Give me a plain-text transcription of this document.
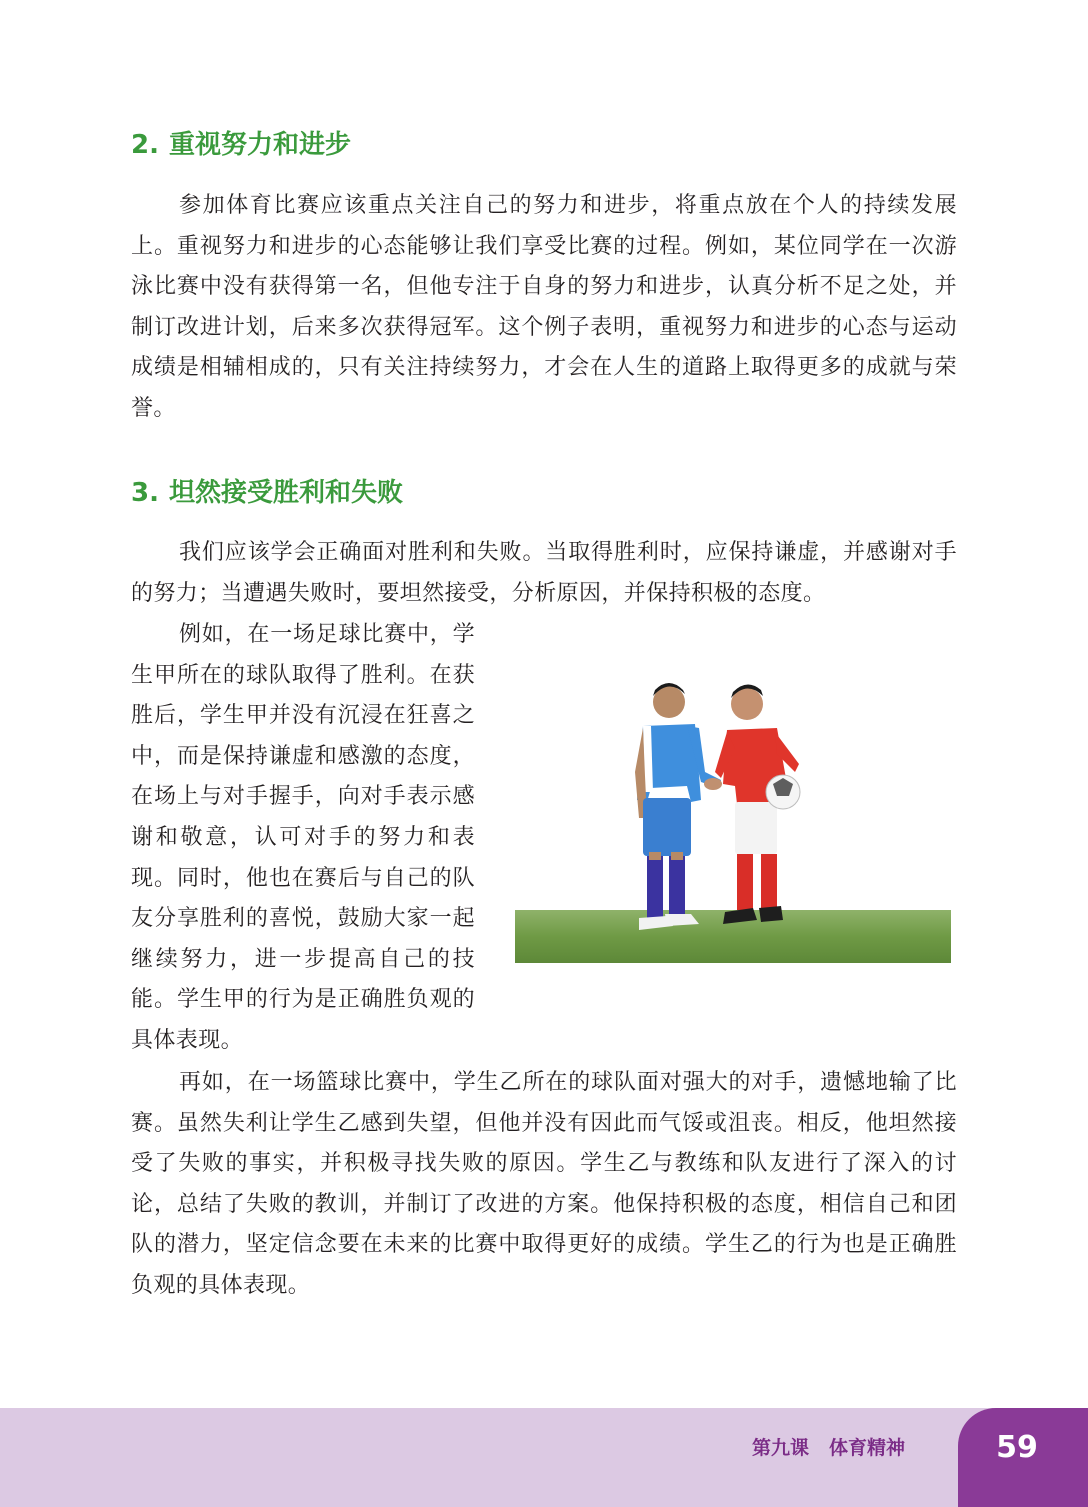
2. 重视努力和进步

参加体育比赛应该重点关注自己的努力和进步，将重点放在个人的持续发展上。重视努力和进步的心态能够让我们享受比赛的过程。例如，某位同学在一次游泳比赛中没有获得第一名，但他专注于自身的努力和进步，认真分析不足之处，并制订改进计划，后来多次获得冠军。这个例子表明，重视努力和进步的心态与运动成绩是相辅相成的，只有关注持续努力，才会在人生的道路上取得更多的成就与荣誉。

3. 坦然接受胜利和失败

我们应该学会正确面对胜利和失败。当取得胜利时，应保持谦虚，并感谢对手的努力；当遭遇失败时，要坦然接受，分析原因，并保持积极的态度。

例如，在一场足球比赛中，学生甲所在的球队取得了胜利。在获胜后，学生甲并没有沉浸在狂喜之中，而是保持谦虚和感激的态度，在场上与对手握手，向对手表示感谢和敬意，认可对手的努力和表现。同时，他也在赛后与自己的队友分享胜利的喜悦，鼓励大家一起继续努力，进一步提高自己的技能。学生甲的行为是正确胜负观的具体表现。

再如，在一场篮球比赛中，学生乙所在的球队面对强大的对手，遗憾地输了比赛。虽然失利让学生乙感到失望，但他并没有因此而气馁或沮丧。相反，他坦然接受了失败的事实，并积极寻找失败的原因。学生乙与教练和队友进行了深入的讨论，总结了失败的教训，并制订了改进的方案。他保持积极的态度，相信自己和团队的潜力，坚定信念要在未来的比赛中取得更好的成绩。学生乙的行为也是正确胜负观的具体表现。

第九课 体育精神	59
